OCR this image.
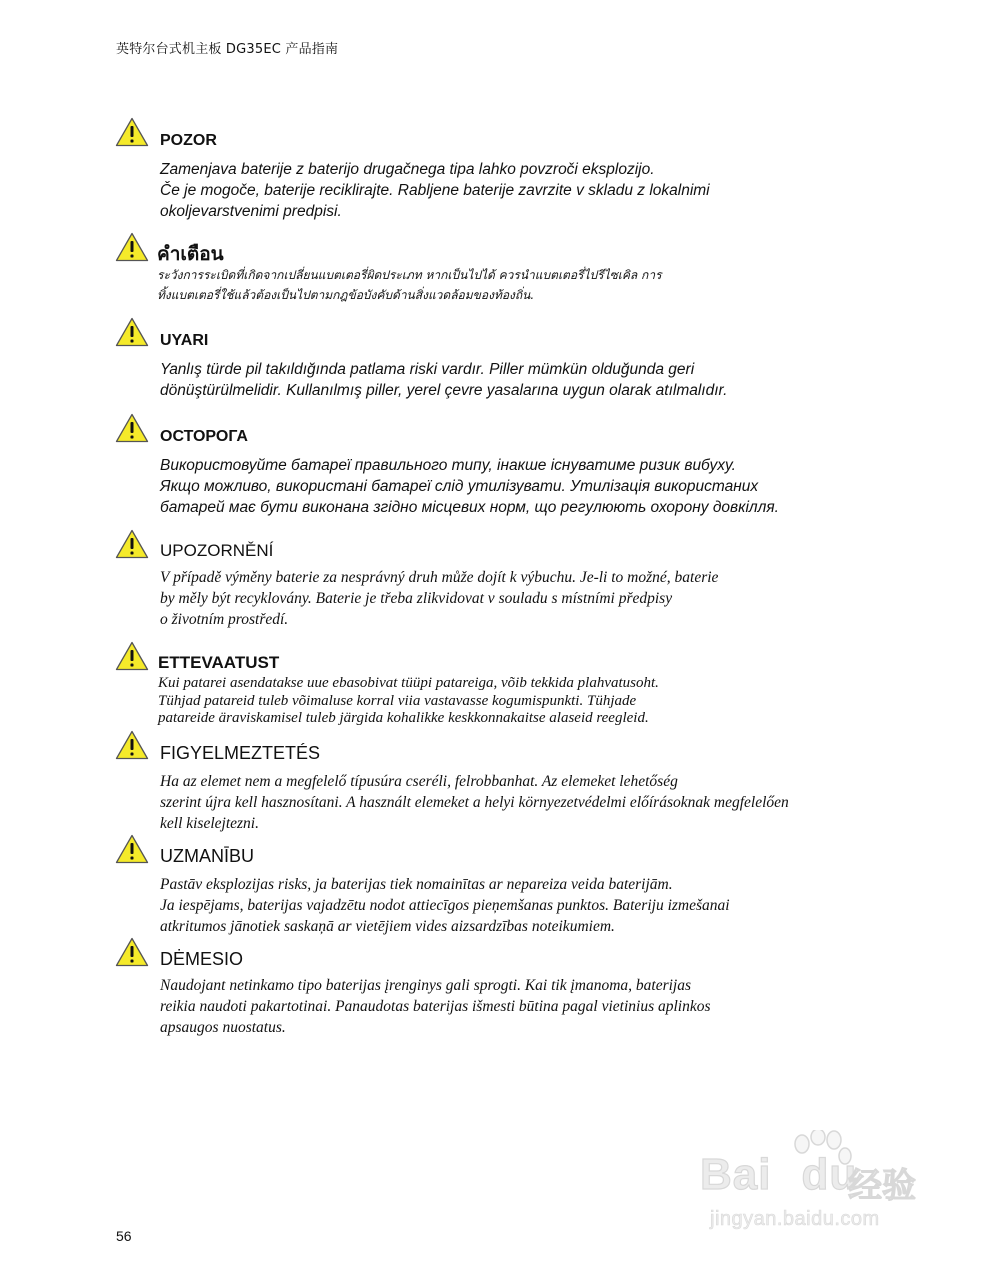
英特尔台式机主板 DG35EC 产品指南
POZOR
Zamenjava baterije z baterijo drugačnega tipa lahko povzroči eksplozijo.
Če je mogoče, baterije reciklirajte. Rabljene baterije zavrzite v skladu z lokalnimi
okoljevarstvenimi predpisi.
คำเตือน
ระวังการระเบิดที่เกิดจากเปลี่ยนแบตเตอรี่ผิดประเภท หากเป็นไปได้ ควรนำแบตเตอรี่ไปรีไซเคิล การ
ทิ้งแบตเตอรี่ใช้แล้วต้องเป็นไปตามกฎข้อบังคับด้านสิ่งแวดล้อมของท้องถิ่น.
UYARI
Yanlış türde pil takıldığında patlama riski vardır. Piller mümkün olduğunda geri
dönüştürülmelidir. Kullanılmış piller, yerel çevre yasalarına uygun olarak atılmalıdır.
ОСТОРОГА
Використовуйте батареї правильного типу, інакше існуватиме ризик вибуху.
Якщо можливо, використані батареї слід утилізувати. Утилізація використаних
батарей має бути виконана згідно місцевих норм, що регулюють охорону довкілля.
UPOZORNĚNÍ
V případě výměny baterie za nesprávný druh může dojít k výbuchu. Je-li to možné, baterie
by měly být recyklovány. Baterie je třeba zlikvidovat v souladu s místními předpisy
o životním prostředí.
ETTEVAATUST
Kui patarei asendatakse uue ebasobivat tüüpi patareiga, võib tekkida plahvatusoht.
Tühjad patareid tuleb võimaluse korral viia vastavasse kogumispunkti. Tühjade
patareide äraviskamisel tuleb järgida kohalikke keskkonnakaitse alaseid reegleid.
FIGYELMEZTETÉS
Ha az elemet nem a megfelelő típusúra cseréli, felrobbanhat. Az elemeket lehetőség
szerint újra kell hasznosítani. A használt elemeket a helyi környezetvédelmi előírásoknak megfelelően
kell kiselejtezni.
UZMANĪBU
Pastāv eksplozijas risks, ja baterijas tiek nomainītas ar nepareiza veida baterijām.
Ja iespējams, baterijas vajadzētu nodot attiecīgos pieņemšanas punktos. Bateriju izmešanai
atkritumos jānotiek saskaņā ar vietējiem vides aizsardzības noteikumiem.
DĖMESIO
Naudojant netinkamo tipo baterijas įrenginys gali sprogti. Kai tik įmanoma, baterijas
reikia naudoti pakartotinai. Panaudotas baterijas išmesti būtina pagal vietinius aplinkos
apsaugos nuostatus.
Bai du
经验
jingyan.baidu.com
56
